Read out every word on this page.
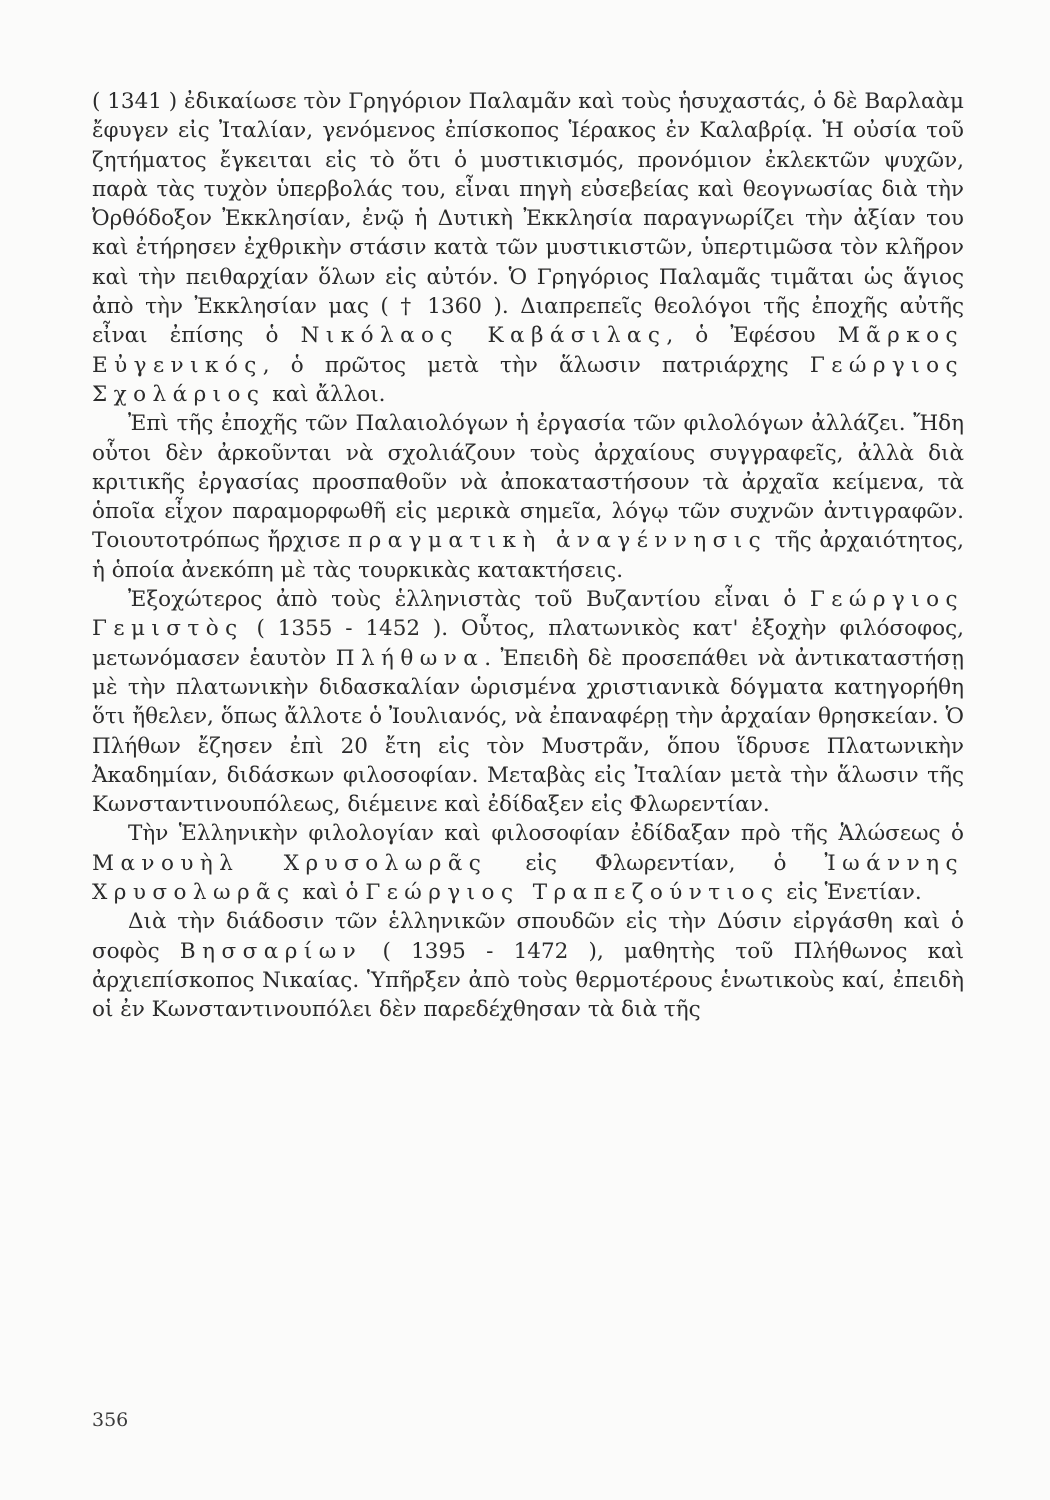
( 1341 ) ἐδικαίωσε τὸν Γρηγόριον Παλαμᾶν καὶ τοὺς ἡσυχαστάς, ὁ δὲ Βαρλαὰμ ἔφυγεν εἰς Ἰταλίαν, γενόμενος ἐπίσκοπος Ἱέρακος ἐν Καλαβρίᾳ. Ἡ οὐσία τοῦ ζητήματος ἔγκειται εἰς τὸ ὅτι ὁ μυστικισμός, προνόμιον ἐκλεκτῶν ψυχῶν, παρὰ τὰς τυχὸν ὑπερβολάς του, εἶναι πηγὴ εὐσεβείας καὶ θεογνωσίας διὰ τὴν Ὀρθόδοξον Ἐκκλησίαν, ἐνῷ ἡ Δυτικὴ Ἐκκλησία παραγνωρίζει τὴν ἀξίαν του καὶ ἐτήρησεν ἐχθρικὴν στάσιν κατὰ τῶν μυστικιστῶν, ὑπερτιμῶσα τὸν κλῆρον καὶ τὴν πειθαρχίαν ὅλων εἰς αὐτόν. Ὁ Γρηγόριος Παλαμᾶς τιμᾶται ὡς ἅγιος ἀπὸ τὴν Ἐκκλησίαν μας ( † 1360 ). Διαπρεπεῖς θεολόγοι τῆς ἐποχῆς αὐτῆς εἶναι ἐπίσης ὁ Νικόλαος Καβάσιλας, ὁ Ἐφέσου Μᾶρκος Εὐγενικός, ὁ πρῶτος μετὰ τὴν ἅλωσιν πατριάρχης Γεώργιος Σχολάριος καὶ ἄλλοι.

Ἐπὶ τῆς ἐποχῆς τῶν Παλαιολόγων ἡ ἐργασία τῶν φιλολόγων ἀλλάζει. Ἤδη οὗτοι δὲν ἀρκοῦνται νὰ σχολιάζουν τοὺς ἀρχαίους συγγραφεῖς, ἀλλὰ διὰ κριτικῆς ἐργασίας προσπαθοῦν νὰ ἀποκαταστήσουν τὰ ἀρχαῖα κείμενα, τὰ ὁποῖα εἶχον παραμορφωθῆ εἰς μερικὰ σημεῖα, λόγῳ τῶν συχνῶν ἀντιγραφῶν. Τοιουτοτρόπως ἤρχισε πραγματικὴ ἀναγέννησις τῆς ἀρχαιότητος, ἡ ὁποία ἀνεκόπη μὲ τὰς τουρκικὰς κατακτήσεις.

Ἐξοχώτερος ἀπὸ τοὺς ἑλληνιστὰς τοῦ Βυζαντίου εἶναι ὁ Γεώργιος Γεμιστὸς ( 1355 - 1452 ). Οὗτος, πλατωνικὸς κατ' ἐξοχὴν φιλόσοφος, μετωνόμασεν ἑαυτὸν Πλήθωνα. Ἐπειδὴ δὲ προσεπάθει νὰ ἀντικαταστήσῃ μὲ τὴν πλατωνικὴν διδασκαλίαν ὡρισμένα χριστιανικὰ δόγματα κατηγορήθη ὅτι ἤθελεν, ὅπως ἄλλοτε ὁ Ἰουλιανός, νὰ ἐπαναφέρῃ τὴν ἀρχαίαν θρησκείαν. Ὁ Πλήθων ἔζησεν ἐπὶ 20 ἔτη εἰς τὸν Μυστρᾶν, ὅπου ἵδρυσε Πλατωνικὴν Ἀκαδημίαν, διδάσκων φιλοσοφίαν. Μεταβὰς εἰς Ἰταλίαν μετὰ τὴν ἅλωσιν τῆς Κωνσταντινουπόλεως, διέμεινε καὶ ἐδίδαξεν εἰς Φλωρεντίαν.

Τὴν Ἑλληνικὴν φιλολογίαν καὶ φιλοσοφίαν ἐδίδαξαν πρὸ τῆς Ἁλώσεως ὁ Μανουὴλ Χρυσολωρᾶς εἰς Φλωρεντίαν, ὁ Ἰωάννης Χρυσολωρᾶς καὶ ὁ Γεώργιος Τραπεζούντιος εἰς Ἑνετίαν.

Διὰ τὴν διάδοσιν τῶν ἑλληνικῶν σπουδῶν εἰς τὴν Δύσιν εἰργάσθη καὶ ὁ σοφὸς Βησσαρίων ( 1395 - 1472 ), μαθητὴς τοῦ Πλήθωνος καὶ ἀρχιεπίσκοπος Νικαίας. Ὑπῆρξεν ἀπὸ τοὺς θερμοτέρους ἑνωτικοὺς καί, ἐπειδὴ οἱ ἐν Κωνσταντινουπόλει δὲν παρεδέχθησαν τὰ διὰ τῆς

356
